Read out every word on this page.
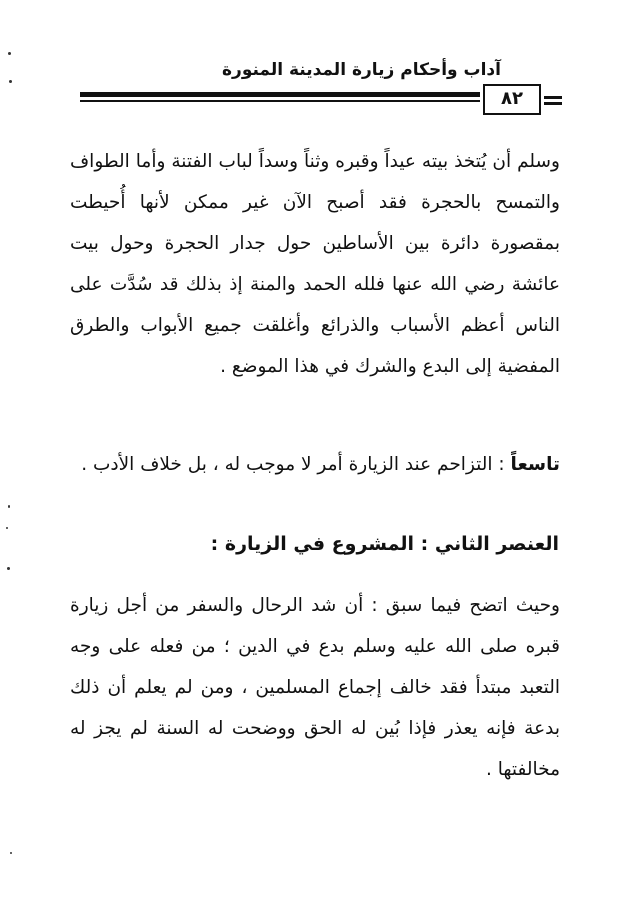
آداب وأحكام زيارة المدينة المنورة
٨٢
وسلم أن يُتخذ بيته عيداً وقبره وثناً وسداً لباب الفتنة وأما الطواف والتمسح بالحجرة فقد أصبح الآن غير ممكن لأنها أُحيطت بمقصورة دائرة بين الأساطين حول جدار الحجرة وحول بيت عائشة رضي الله عنها فلله الحمد والمنة إذ بذلك قد سُدَّت على الناس أعظم الأسباب والذرائع وأغلقت جميع الأبواب والطرق المفضية إلى البدع والشرك في هذا الموضع .
تاسعاً : التزاحم عند الزيارة أمر لا موجب له ، بل خلاف الأدب .
العنصر الثاني : المشروع في الزيارة :
وحيث اتضح فيما سبق : أن شد الرحال والسفر من أجل زيارة قبره صلى الله عليه وسلم بدع في الدين ؛ من فعله على وجه التعبد مبتدأ فقد خالف إجماع المسلمين ، ومن لم يعلم أن ذلك بدعة فإنه يعذر فإذا بُين له الحق ووضحت له السنة لم يجز له مخالفتها .
